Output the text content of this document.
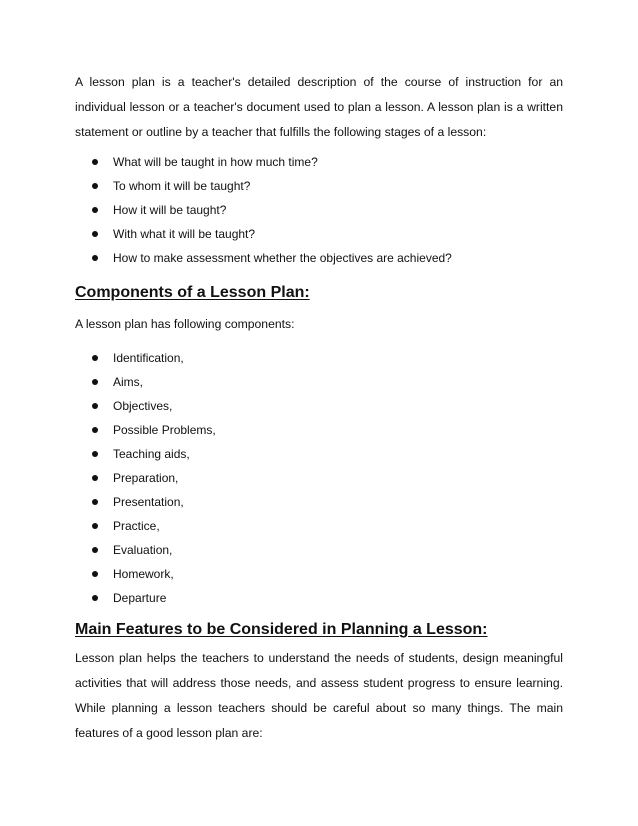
A lesson plan is a teacher's detailed description of the course of instruction for an individual lesson or a teacher's document used to plan a lesson. A lesson plan is a written statement or outline by a teacher that fulfills the following stages of a lesson:

What will be taught in how much time?
To whom it will be taught?
How it will be taught?
With what it will be taught?
How to make assessment whether the objectives are achieved?
Components of a Lesson Plan:

A lesson plan has following components:

Identification,
Aims,
Objectives,
Possible Problems,
Teaching aids,
Preparation,
Presentation,
Practice,
Evaluation,
Homework,
Departure
Main Features to be Considered in Planning a Lesson:

Lesson plan helps the teachers to understand the needs of students, design meaningful activities that will address those needs, and assess student progress to ensure learning. While planning a lesson teachers should be careful about so many things. The main features of a good lesson plan are:
